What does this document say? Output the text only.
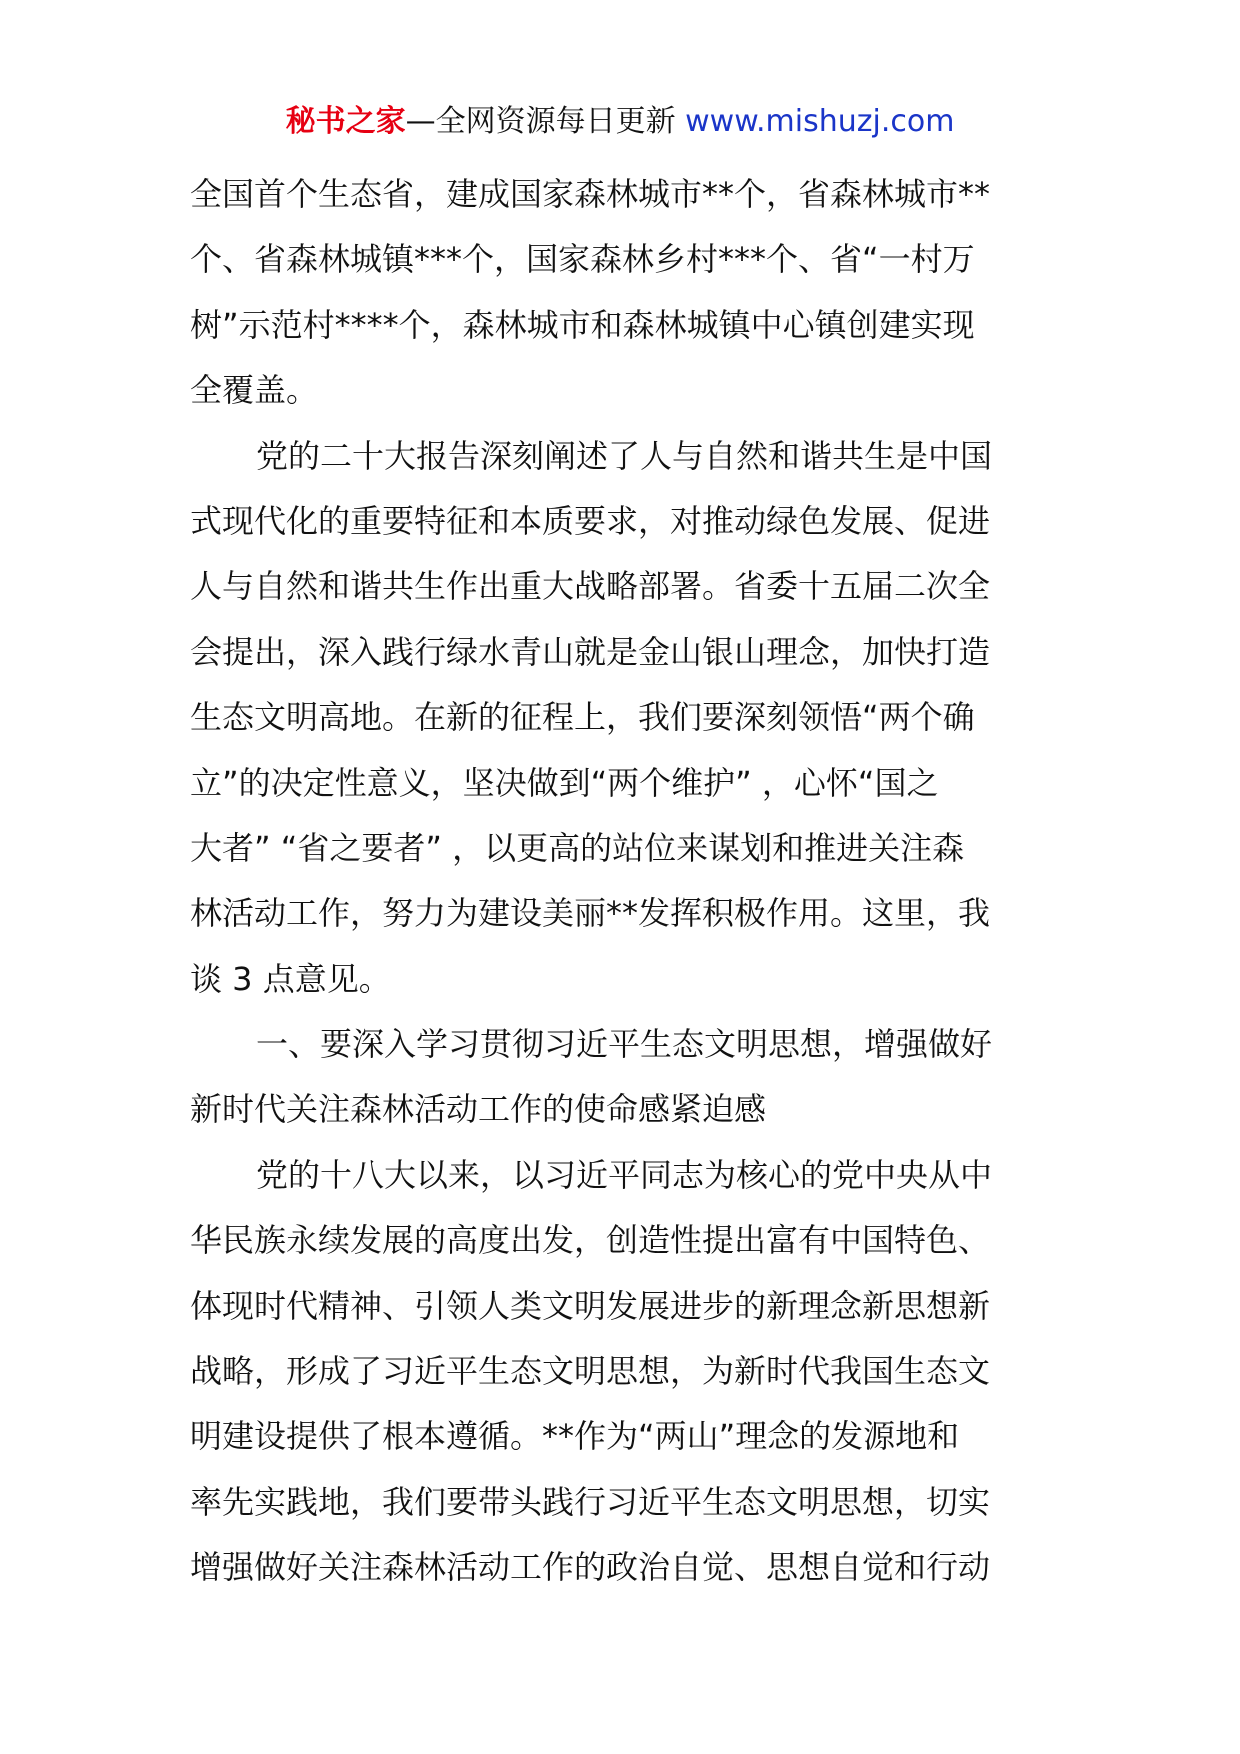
秘书之家—全网资源每日更新 www.mishuzj.com
全国首个生态省，建成国家森林城市**个，省森林城市**
个、省森林城镇***个，国家森林乡村***个、省“一村万
树”示范村****个，森林城市和森林城镇中心镇创建实现
全覆盖。
党的二十大报告深刻阐述了人与自然和谐共生是中国
式现代化的重要特征和本质要求，对推动绿色发展、促进
人与自然和谐共生作出重大战略部署。省委十五届二次全
会提出，深入践行绿水青山就是金山银山理念，加快打造
生态文明高地。在新的征程上，我们要深刻领悟“两个确
立”的决定性意义，坚决做到“两个维护” ，心怀“国之
大者” “省之要者” ，以更高的站位来谋划和推进关注森
林活动工作，努力为建设美丽**发挥积极作用。这里，我
谈 3 点意见。
一、要深入学习贯彻习近平生态文明思想，增强做好
新时代关注森林活动工作的使命感紧迫感
党的十八大以来，以习近平同志为核心的党中央从中
华民族永续发展的高度出发，创造性提出富有中国特色、
体现时代精神、引领人类文明发展进步的新理念新思想新
战略，形成了习近平生态文明思想，为新时代我国生态文
明建设提供了根本遵循。**作为“两山”理念的发源地和
率先实践地，我们要带头践行习近平生态文明思想，切实
增强做好关注森林活动工作的政治自觉、思想自觉和行动
